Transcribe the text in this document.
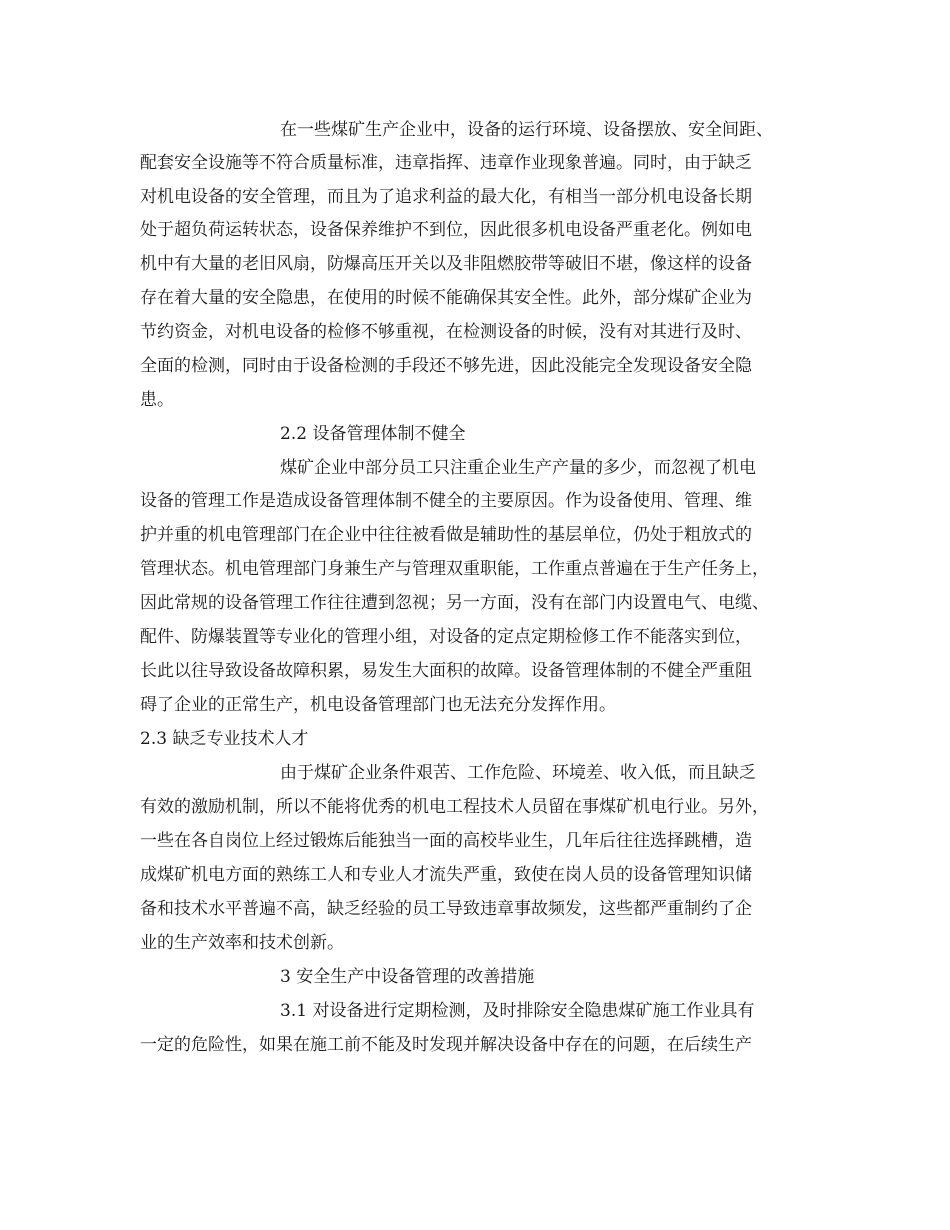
在一些煤矿生产企业中，设备的运行环境、设备摆放、安全间距、
配套安全设施等不符合质量标准，违章指挥、违章作业现象普遍。同时，由于缺乏
对机电设备的安全管理，而且为了追求利益的最大化，有相当一部分机电设备长期
处于超负荷运转状态，设备保养维护不到位，因此很多机电设备严重老化。例如电
机中有大量的老旧风扇，防爆高压开关以及非阻燃胶带等破旧不堪，像这样的设备
存在着大量的安全隐患，在使用的时候不能确保其安全性。此外，部分煤矿企业为
节约资金，对机电设备的检修不够重视，在检测设备的时候，没有对其进行及时、
全面的检测，同时由于设备检测的手段还不够先进，因此没能完全发现设备安全隐
患。
2.2 设备管理体制不健全
煤矿企业中部分员工只注重企业生产产量的多少，而忽视了机电
设备的管理工作是造成设备管理体制不健全的主要原因。作为设备使用、管理、维
护并重的机电管理部门在企业中往往被看做是辅助性的基层单位，仍处于粗放式的
管理状态。机电管理部门身兼生产与管理双重职能，工作重点普遍在于生产任务上，
因此常规的设备管理工作往往遭到忽视；另一方面，没有在部门内设置电气、电缆、
配件、防爆装置等专业化的管理小组，对设备的定点定期检修工作不能落实到位，
长此以往导致设备故障积累，易发生大面积的故障。设备管理体制的不健全严重阻
碍了企业的正常生产，机电设备管理部门也无法充分发挥作用。
2.3 缺乏专业技术人才
由于煤矿企业条件艰苦、工作危险、环境差、收入低，而且缺乏
有效的激励机制，所以不能将优秀的机电工程技术人员留在事煤矿机电行业。另外，
一些在各自岗位上经过锻炼后能独当一面的高校毕业生，几年后往往选择跳槽，造
成煤矿机电方面的熟练工人和专业人才流失严重，致使在岗人员的设备管理知识储
备和技术水平普遍不高，缺乏经验的员工导致违章事故频发，这些都严重制约了企
业的生产效率和技术创新。
3 安全生产中设备管理的改善措施
3.1 对设备进行定期检测，及时排除安全隐患煤矿施工作业具有
一定的危险性，如果在施工前不能及时发现并解决设备中存在的问题，在后续生产
